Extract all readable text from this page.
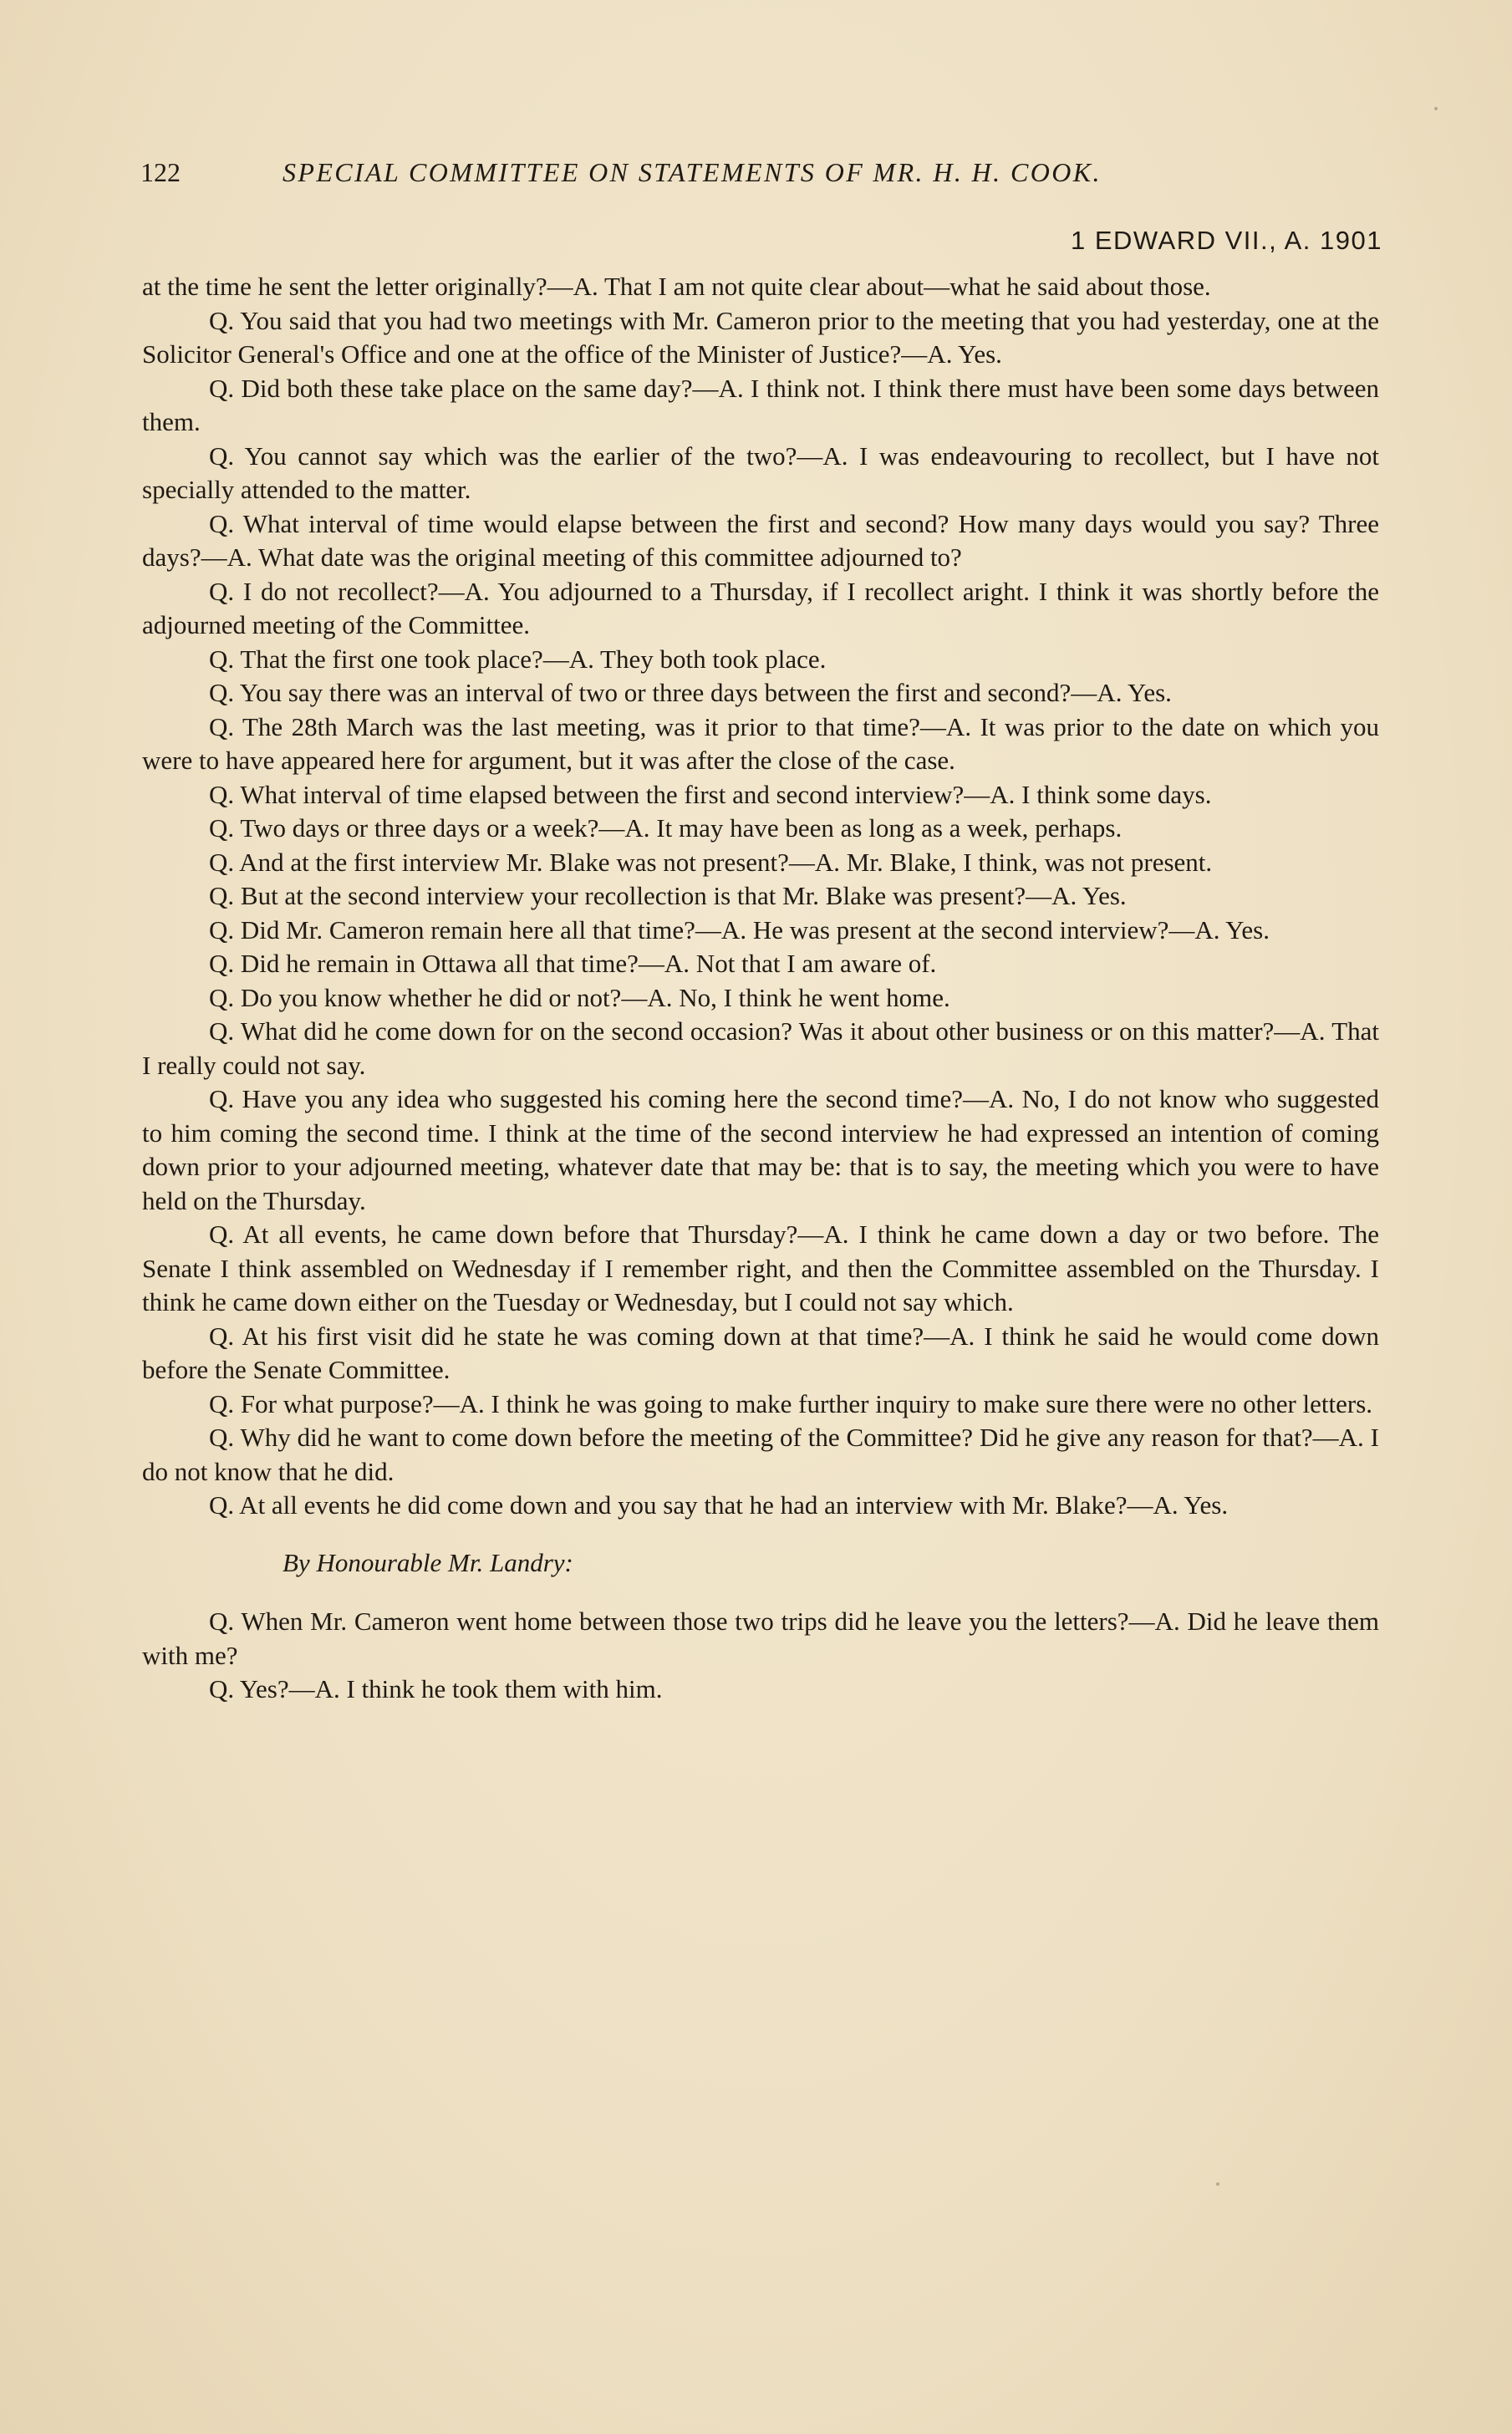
122	SPECIAL COMMITTEE ON STATEMENTS OF MR. H. H. COOK.
1 EDWARD VII., A. 1901

at the time he sent the letter originally?—A. That I am not quite clear about—what he said about those.

Q. You said that you had two meetings with Mr. Cameron prior to the meeting that you had yesterday, one at the Solicitor General's Office and one at the office of the Minister of Justice?—A. Yes.

Q. Did both these take place on the same day?—A. I think not. I think there must have been some days between them.

Q. You cannot say which was the earlier of the two?—A. I was endeavouring to recollect, but I have not specially attended to the matter.

Q. What interval of time would elapse between the first and second? How many days would you say? Three days?—A. What date was the original meeting of this committee adjourned to?

Q. I do not recollect?—A. You adjourned to a Thursday, if I recollect aright. I think it was shortly before the adjourned meeting of the Committee.

Q. That the first one took place?—A. They both took place.

Q. You say there was an interval of two or three days between the first and second?—A. Yes.

Q. The 28th March was the last meeting, was it prior to that time?—A. It was prior to the date on which you were to have appeared here for argument, but it was after the close of the case.

Q. What interval of time elapsed between the first and second interview?—A. I think some days.

Q. Two days or three days or a week?—A. It may have been as long as a week, perhaps.

Q. And at the first interview Mr. Blake was not present?—A. Mr. Blake, I think, was not present.

Q. But at the second interview your recollection is that Mr. Blake was present?—A. Yes.

Q. Did Mr. Cameron remain here all that time?—A. He was present at the second interview?—A. Yes.

Q. Did he remain in Ottawa all that time?—A. Not that I am aware of.

Q. Do you know whether he did or not?—A. No, I think he went home.

Q. What did he come down for on the second occasion? Was it about other business or on this matter?—A. That I really could not say.

Q. Have you any idea who suggested his coming here the second time?—A. No, I do not know who suggested to him coming the second time. I think at the time of the second interview he had expressed an intention of coming down prior to your adjourned meeting, whatever date that may be: that is to say, the meeting which you were to have held on the Thursday.

Q. At all events, he came down before that Thursday?—A. I think he came down a day or two before. The Senate I think assembled on Wednesday if I remember right, and then the Committee assembled on the Thursday. I think he came down either on the Tuesday or Wednesday, but I could not say which.

Q. At his first visit did he state he was coming down at that time?—A. I think he said he would come down before the Senate Committee.

Q. For what purpose?—A. I think he was going to make further inquiry to make sure there were no other letters.

Q. Why did he want to come down before the meeting of the Committee? Did he give any reason for that?—A. I do not know that he did.

Q. At all events he did come down and you say that he had an interview with Mr. Blake?—A. Yes.

By Honourable Mr. Landry:

Q. When Mr. Cameron went home between those two trips did he leave you the letters?—A. Did he leave them with me?

Q. Yes?—A. I think he took them with him.
